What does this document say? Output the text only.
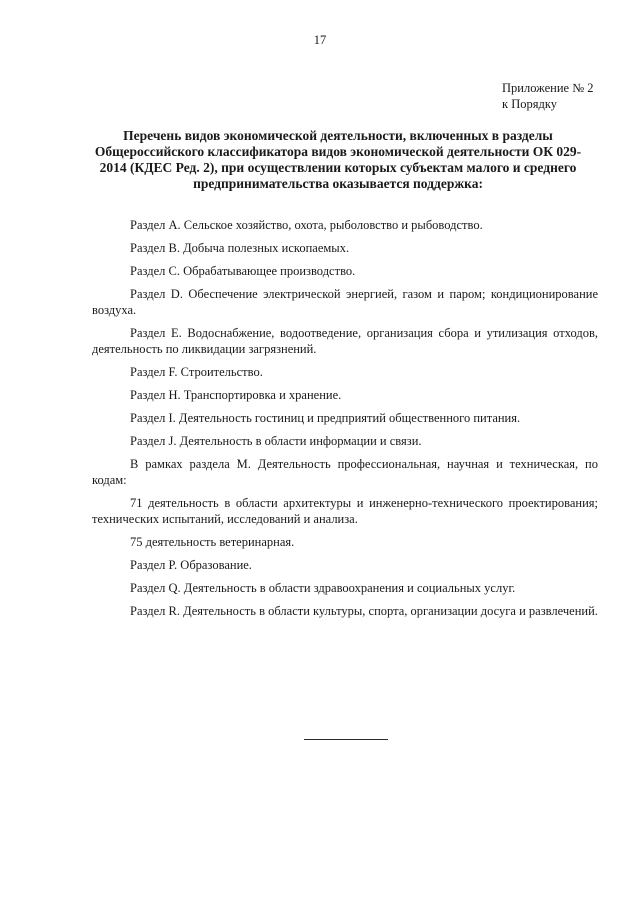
17
Приложение № 2
к Порядку
Перечень видов экономической деятельности, включенных в разделы Общероссийского классификатора видов экономической деятельности ОК 029-2014 (КДЕС Ред. 2), при осуществлении которых субъектам малого и среднего предпринимательства оказывается поддержка:

Раздел A. Сельское хозяйство, охота, рыболовство и рыбоводство.

Раздел B. Добыча полезных ископаемых.

Раздел C. Обрабатывающее производство.

Раздел D. Обеспечение электрической энергией, газом и паром; кондиционирование воздуха.

Раздел E. Водоснабжение, водоотведение, организация сбора и утилизация отходов, деятельность по ликвидации загрязнений.

Раздел F. Строительство.

Раздел H. Транспортировка и хранение.

Раздел I. Деятельность гостиниц и предприятий общественного питания.

Раздел J. Деятельность в области информации и связи.

В рамках раздела M. Деятельность профессиональная, научная и техническая, по кодам:

71 деятельность в области архитектуры и инженерно-технического проектирования; технических испытаний, исследований и анализа.

75 деятельность ветеринарная.

Раздел P. Образование.

Раздел Q. Деятельность в области здравоохранения и социальных услуг.

Раздел R. Деятельность в области культуры, спорта, организации досуга и развлечений.
